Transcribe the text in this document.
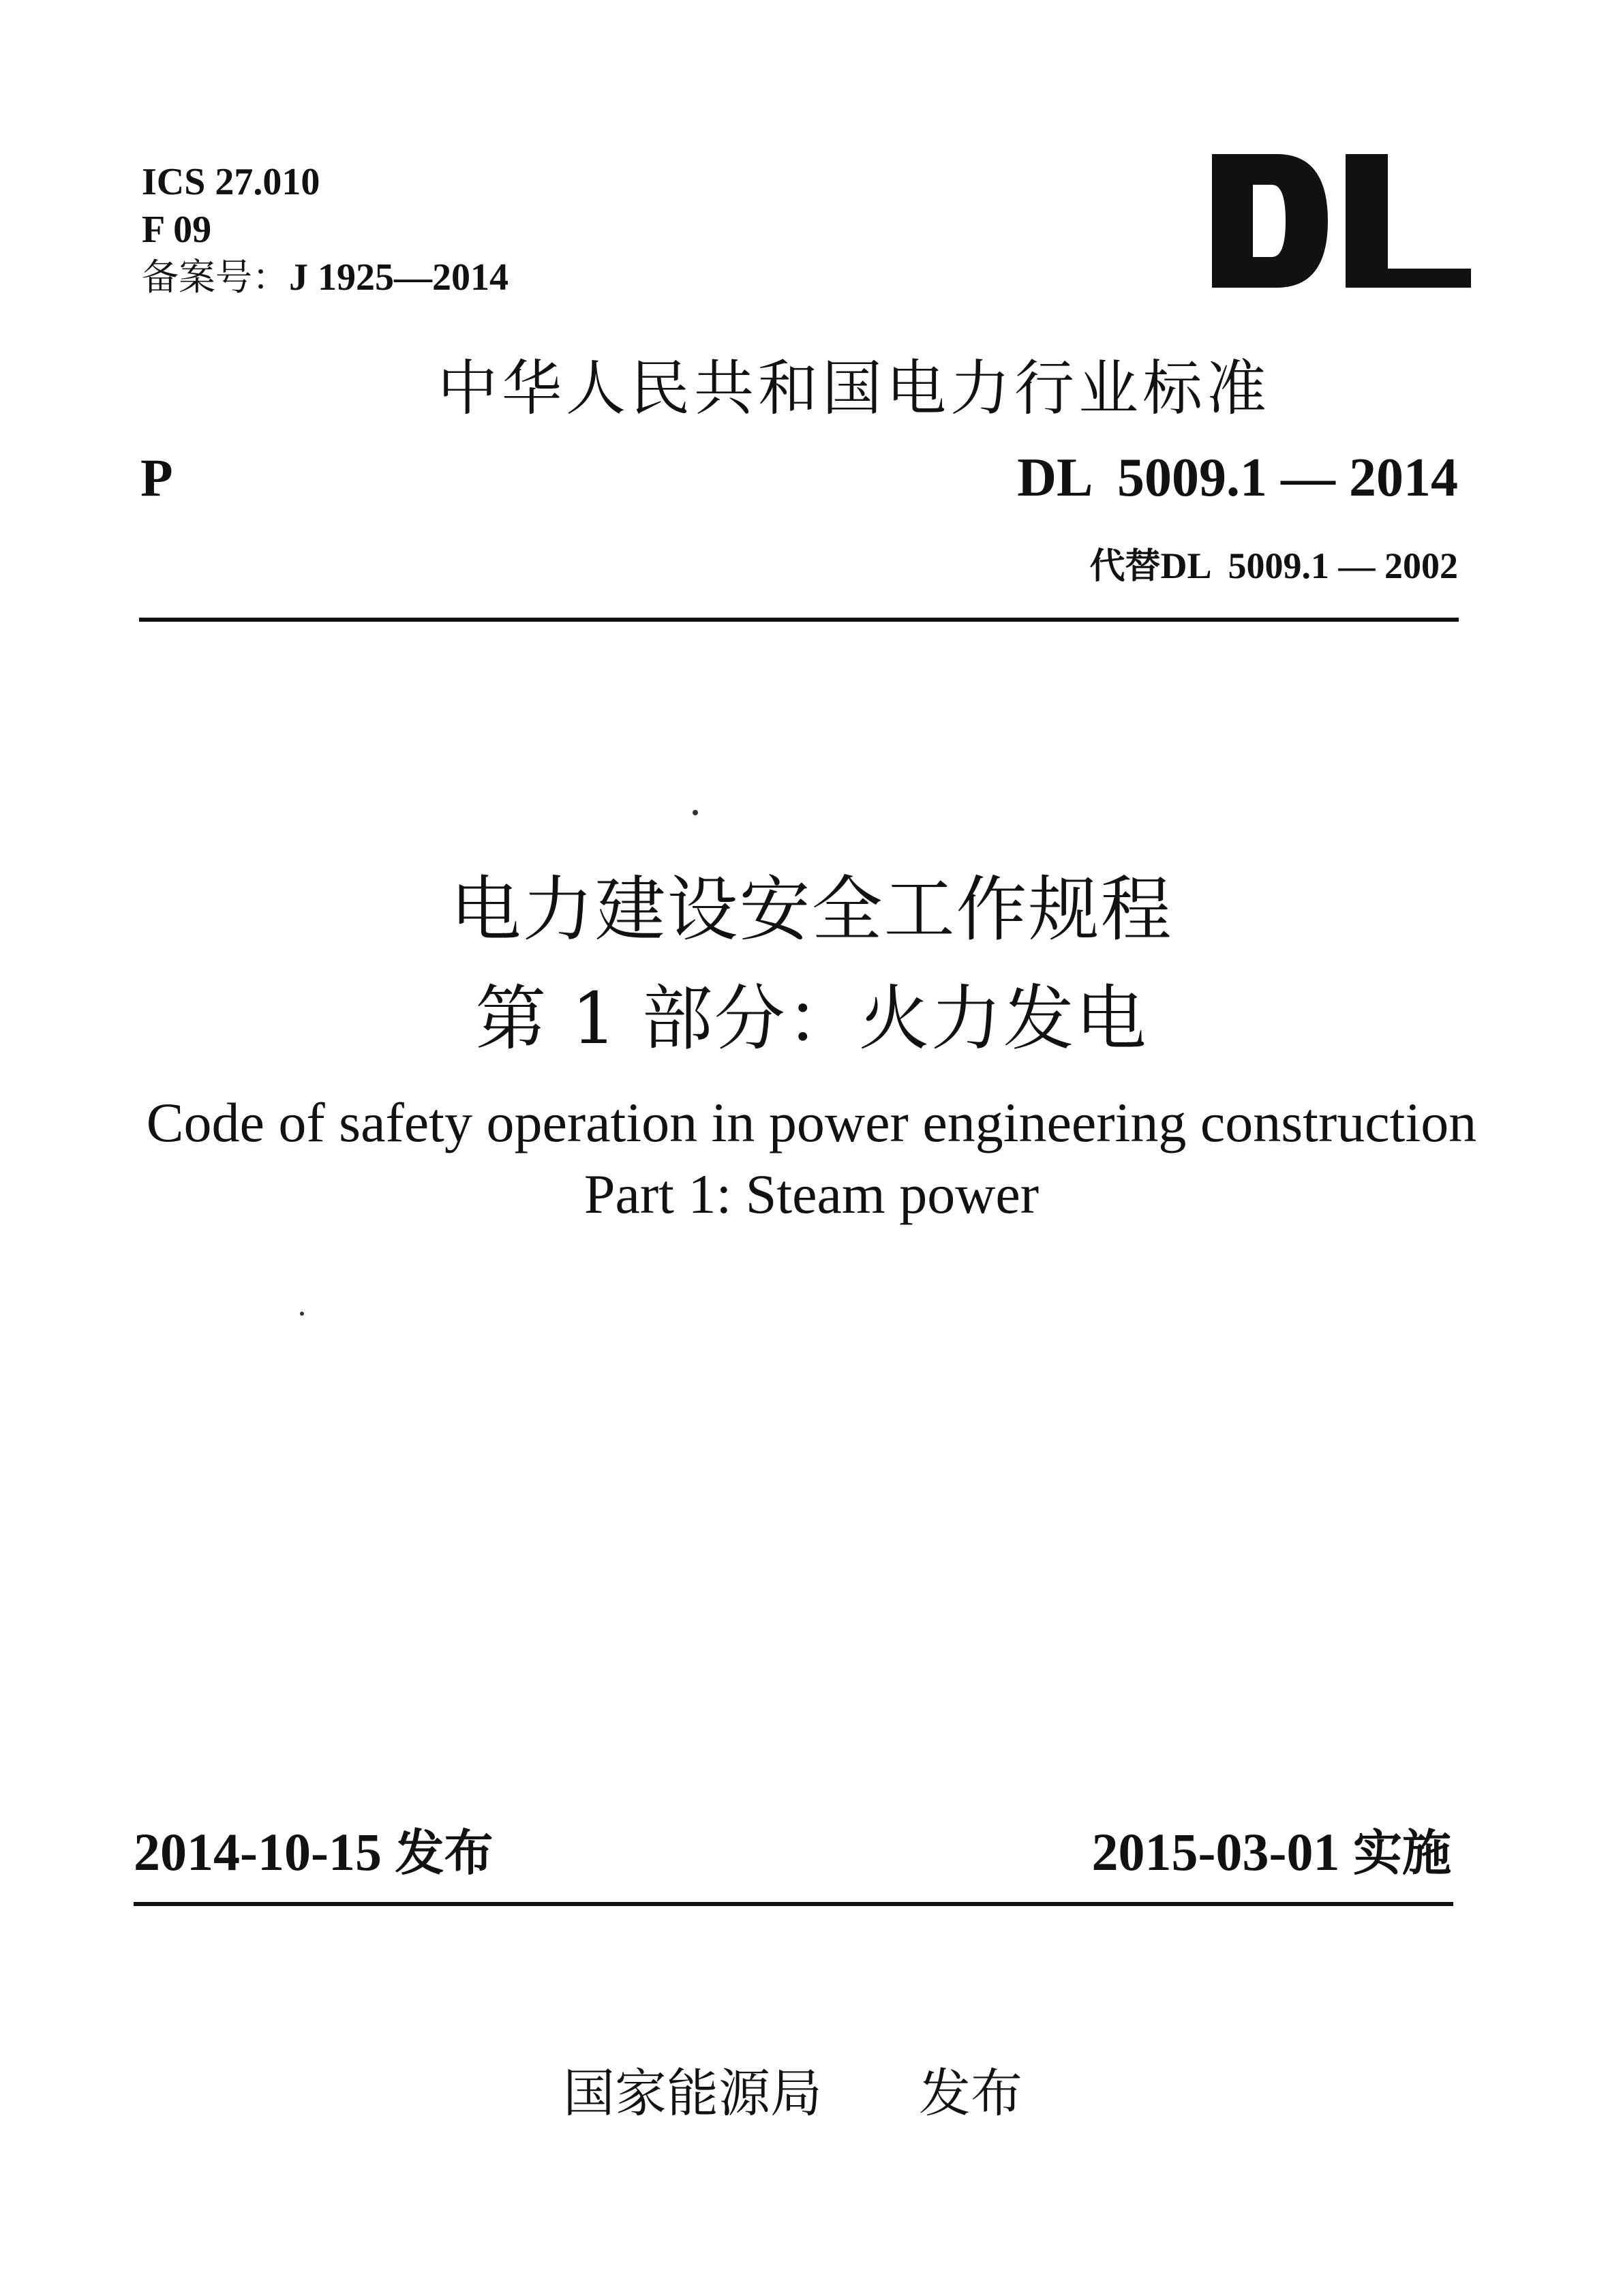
ICS 27.010
F 09
备案号：J 1925—2014
中华人民共和国电力行业标准
P	DL  5009.1 — 2014

代替DL  5009.1 — 2002

电力建设安全工作规程
第 1 部分：火力发电
Code of safety operation in power engineering construction
Part 1: Steam power
2014-10-15 发布	2015-03-01 实施
国家能源局 发布
